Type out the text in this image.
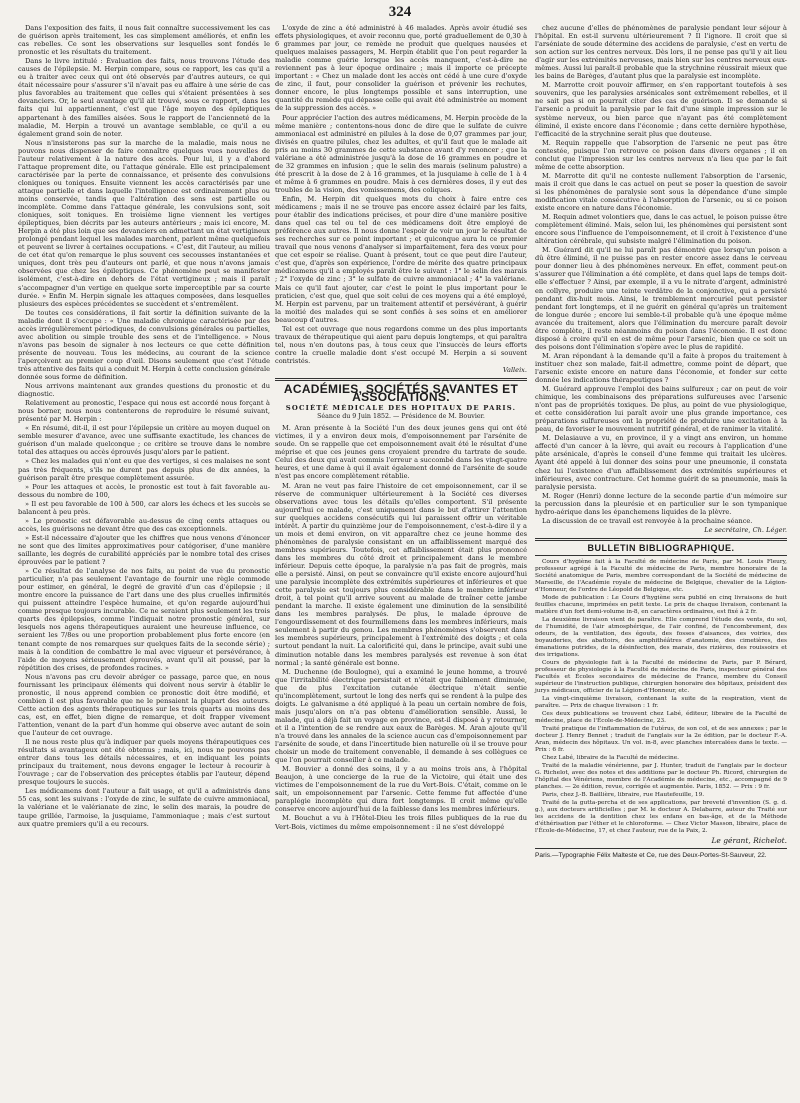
324

Dans l'exposition des faits, il nous fait connaître successivement les cas de guérison après traitement, les cas simplement améliorés, et enfin les cas rebelles. Ce sont les observations sur lesquelles sont fondés le pronostic et les résultats du traitement.

Dans le livre intitulé : Évaluation des faits, nous trouvons l'étude des causes de l'épilepsie. M. Herpin compare, sous ce rapport, les cas qu'il a eu à traiter avec ceux qui ont été observés par d'autres auteurs, ce qui était nécessaire pour s'assurer s'il n'avait pas eu affaire à une série de cas plus favorables au traitement que celles qui s'étaient présentées à ses devanciers. Or, le seul avantage qu'il ait trouvé, sous ce rapport, dans les faits qui lui appartiennent, c'est que l'âge moyen des épileptiques appartenant à des familles aisées. Sous le rapport de l'ancienneté de la maladie, M. Herpin a trouvé un avantage semblable, ce qu'il a eu également grand soin de noter.

Nous n'insisterons pas sur la marche de la maladie, mais nous ne pouvons nous dispenser de faire connaître quelques vues nouvelles de l'auteur relativement à la nature des accès. Pour lui, il y a d'abord l'attaque proprement dite, ou l'attaque générale. Elle est principalement caractérisée par la perte de connaissance, et présente des convulsions cloniques ou toniques. Ensuite viennent les accès caractérisés par une attaque partielle et dans laquelle l'intelligence est ordinairement plus ou moins conservée, tandis que l'altération des sens est partielle ou incomplète. Comme dans l'attaque générale, les convulsions sont, soit cloniques, soit toniques. En troisième ligne viennent les vertiges épileptiques, bien décrits par les auteurs antérieurs ; mais ici encore, M. Herpin a été plus loin que ses devanciers en admettant un état vertigineux prolongé pendant lequel les malades marchent, parlent même quelquefois et peuvent se livrer à certaines occupations. « C'est, dit l'auteur, au milieu de cet état qu'on remarque le plus souvent ces secousses instantanées et uniques, dont très peu d'auteurs ont parlé, et que nous n'avons jamais observées que chez les épileptiques. Ce phénomène peut se manifester isolément, c'est-à-dire en dehors de l'état vertigineux ; mais il paraît s'accompagner d'un vertige en quelque sorte imperceptible par sa courte durée. » Enfin M. Herpin signale les attaques composées, dans lesquelles plusieurs des espèces précédentes se succèdent et s'entremêlent.

De toutes ces considérations, il fait sortir la définition suivante de la maladie dont il s'occupe : « Une maladie chronique caractérisée par des accès irrégulièrement périodiques, de convulsions générales ou partielles, avec abolition ou simple trouble des sens et de l'intelligence. » Nous n'avons pas besoin de signaler à nos lecteurs ce que cette définition présente de nouveau. Tous les médecins, au courant de la science l'aperçoivent au premier coup d'œil. Disons seulement que c'est l'étude très attentive des faits qui a conduit M. Herpin à cette conclusion générale donnée sous forme de définition.

Nous arrivons maintenant aux grandes questions du pronostic et du diagnostic.

Relativement au pronostic, l'espace qui nous est accordé nous forçant à nous borner, nous nous contenterons de reproduire le résumé suivant, présenté par M. Herpin :

« En résumé, dit-il, il est pour l'épilepsie un critère au moyen duquel on semble mesurer d'avance, avec une suffisante exactitude, les chances de guérison d'un malade quelconque ; ce critère se trouve dans le nombre total des attaques ou accès éprouvés jusqu'alors par le patient.

» Chez les malades qui n'ont eu que des vertiges, si ces malaises ne sont pas très fréquents, s'ils ne durent pas depuis plus de dix années, la guérison paraît être presque complètement assurée.

» Pour les attaques et accès, le pronostic est tout à fait favorable au-dessous du nombre de 100,

» Il est peu favorable de 100 à 500, car alors les échecs et les succès se balancent à peu près.

» Le pronostic est défavorable au-dessus de cinq cents attaques ou accès, les guérisons ne devant être que des cas exceptionnels.

» Est-il nécessaire d'ajouter que les chiffres que nous venons d'énoncer ne sont que des limites approximatives pour catégoriser, d'une manière saillante, les degrés de curabilité appréciés par le nombre total des crises éprouvées par le patient ?

» Ce résultat de l'analyse de nos faits, au point de vue du pronostic particulier, n'a pas seulement l'avantage de fournir une règle commode pour estimer, en général, le degré de gravité d'un cas d'épilepsie ; il montre encore la puissance de l'art dans une des plus cruelles infirmités qui puissent atteindre l'espèce humaine, et qu'on regarde aujourd'hui comme presque toujours incurable. Ce ne seraient plus seulement les trois quarts des épilepsies, comme l'indiquait notre pronostic général, sur lesquels nos agens thérapeutiques auraient une heureuse influence, ce seraient les 7/8es ou une proportion probablement plus forte encore (en tenant compte de nos remarques sur quelques faits de la seconde série) ; mais à la condition de combattre le mal avec vigueur et persévérance, à l'aide de moyens sérieusement éprouvés, avant qu'il ait poussé, par la répétition des crises, de profondes racines. »

Nous n'avons pas cru devoir abréger ce passage, parce que, en nous fournissant les principaux éléments qui doivent nous servir à établir le pronostic, il nous apprend combien ce pronostic doit être modifié, et combien il est plus favorable que ne le pensaient la plupart des auteurs. Cette action des agents thérapeutiques sur les trois quarts au moins des cas, est, en effet, bien digne de remarque, et doit frapper vivement l'attention, venant de la part d'un homme qui observe avec autant de soin que l'auteur de cet ouvrage.

Il ne nous reste plus qu'à indiquer par quels moyens thérapeutiques ces résultats si avantageux ont été obtenus ; mais, ici, nous ne pouvons pas entrer dans tous les détails nécessaires, et en indiquant les points principaux du traitement, nous devons engager le lecteur à recourir à l'ouvrage ; car de l'observation des préceptes établis par l'auteur, dépend presque toujours le succès.

Les médicamens dont l'auteur a fait usage, et qu'il a administrés dans 55 cas, sont les suivans : l'oxyde de zinc, le sulfate de cuivre ammoniacal, la valériane et le valérianate de zinc, le selin des marais, la poudre de taupe grillée, l'armoise, la jusquiame, l'ammoniaque ; mais c'est surtout aux quatre premiers qu'il a eu recours.

L'oxyde de zinc a été administré à 46 malades. Après avoir étudié ses effets physiologiques, et avoir reconnu que, porté graduellement de 0,30 à 6 grammes par jour, ce remède ne produit que quelques nausées et quelques malaises passagers, M. Herpin établit que l'on peut regarder la maladie comme guérie lorsque les accès manquent, c'est-à-dire ne reviennent pas à leur époque ordinaire ; mais il importe ce précepte important : « Chez un malade dont les accès ont cédé à une cure d'oxyde de zinc, il faut, pour consolider la guérison et prévenir les rechutes, donner encore, le plus longtemps possible et sans interruption, une quantité du remède qui dépasse celle qui avait été administrée au moment de la suppression des accès. »

Pour apprécier l'action des autres médicamens, M. Herpin procède de la même manière ; contentons-nous donc de dire que le sulfate de cuivre ammoniacal est administré en pilules à la dose de 0,07 grammes par jour, divisés en quatre pilules, chez les adultes, et qu'il faut que le malade ait pris au moins 30 grammes de cette substance avant d'y renoncer ; que la valériane a été administrée jusqu'à la dose de 16 grammes en poudre et de 32 grammes en infusion ; que le selin des marais (selinum palustre) a été prescrit à la dose de 2 à 16 grammes, et la jusquiame à celle de 1 à 4 et même à 6 grammes en poudre. Mais à ces dernières doses, il y eut des troubles de la vision, des vomissemens, des coliques.

Enfin, M. Herpin dit quelques mots du choix à faire entre ces médicamens ; mais il ne se trouve pas encore assez éclairé par les faits, pour établir des indications précises, et pour dire d'une manière positive dans quel cas tel ou tel de ces médicamens doit être employé de préférence aux autres. Il nous donne l'espoir de voir un jour le résultat de ses recherches sur ce point important ; et quiconque aura lu ce premier travail que nous venons d'analyser si imparfaitement, fera des vœux pour que cet espoir se réalise. Quant à présent, tout ce que peut dire l'auteur, c'est que, d'après son expérience, l'ordre de mérite des quatre principaux médicamens qu'il a employés paraît être le suivant : 1° le selin des marais ; 2° l'oxyde de zinc ; 3° le sulfate de cuivre ammoniacal ; 4° la valériane. Mais ce qu'il faut ajouter, car c'est le point le plus important pour le praticien, c'est que, quel que soit celui de ces moyens qui a été employé, M. Herpin est parvenu, par un traitement attentif et persévérant, à guérir la moitié des malades qui se sont confiés à ses soins et en améliorer beaucoup d'autres.

Tel est cet ouvrage que nous regardons comme un des plus importants travaux de thérapeutique qui aient paru depuis longtemps, et qui paraîtra tel, nous n'en doutons pas, à tous ceux que l'insuccès de leurs efforts contre la cruelle maladie dont s'est occupé M. Herpin a si souvent contristés.

Valleix.

ACADÉMIES, SOCIÉTÉS SAVANTES ET ASSOCIATIONS.
SOCIÉTÉ MÉDICALE DES HOPITAUX DE PARIS.
Séance du 9 Juin 1852. — Présidence de M. Bouvier.

M. Aran présente à la Société l'un des deux jeunes gens qui ont été victimes, il y a environ deux mois, d'empoisonnement par l'arsénite de soude. On se rappelle que cet empoisonnement avait été le résultat d'une méprise et que ces jeunes gens croyaient prendre du tartrate de soude. Celui des deux qui avait commis l'erreur a succombé dans les vingt-quatre heures, et une dame à qui il avait également donné de l'arsénite de soude n'est pas encore complètement rétablie.

M. Aran ne veut pas faire l'histoire de cet empoisonnement, car il se réserve de communiquer ultérieurement à la Société ces diverses observations avec tous les détails qu'elles comportent. S'il présente aujourd'hui ce malade, c'est uniquement dans le but d'attirer l'attention sur quelques accidens consécutifs qui lui paraissent offrir un véritable intérêt. A partir du quinzième jour de l'empoisonnement, c'est-à-dire il y a un mois et demi environ, on vit apparaître chez ce jeune homme des phénomènes de paralysie consistant en un affaiblissement marqué des membres supérieurs. Toutefois, cet affaiblissement était plus prononcé dans les membres du côté droit et principalement dans le membre inférieur. Depuis cette époque, la paralysie n'a pas fait de progrès, mais elle a persisté. Ainsi, on peut se convaincre qu'il existe encore aujourd'hui une paralysie incomplète des extrémités supérieures et inférieures et que cette paralysie est toujours plus considérable dans le membre inférieur droit, à tel point qu'il arrive souvent au malade de traîner cette jambe pendant la marche. Il existe également une diminution de la sensibilité dans les membres paralysés. De plus, le malade éprouve de l'engourdissement et des fourmillemens dans les membres inférieurs, mais seulement à partir du genou. Les membres phénomènes s'observent dans les membres supérieurs, principalement à l'extrémité des doigts ; et cela surtout pendant la nuit. La calorificité qui, dans le principe, avait subi une diminution notable dans les membres paralysés est revenue à son état normal ; la santé générale est bonne.

M. Duchenne (de Boulogne), qui a examiné le jeune homme, a trouvé que l'irritabilité électrique persistait et n'était que faiblement diminuée, que de plus l'excitation cutanée électrique n'était sentie qu'incomplètement, surtout le long des nerfs qui se rendent à la pulpe des doigts. Le galvanisme a été appliqué à la peau un certain nombre de fois, mais jusqu'alors on n'a pas obtenu d'amélioration sensible. Aussi, le malade, qui a déjà fait un voyage en province, est-il disposé à y retourner, et il a l'intention de se rendre aux eaux de Barèges. M. Aran ajoute qu'il n'a trouvé dans les annales de la science aucun cas d'empoisonnement par l'arsénite de soude, et dans l'incertitude bien naturelle où il se trouve pour choisir un mode de traitement convenable, il demande à ses collègues ce que l'on pourrait conseiller à ce malade.

M. Bouvier a donné des soins, il y a au moins trois ans, à l'hôpital Beaujon, à une concierge de la rue de la Victoire, qui était une des victimes de l'empoisonnement de la rue du Vert-Bois. C'était, comme on le sait, un empoisonnement par l'arsenic. Cette femme fut affectée d'une paraplégie incomplète qui dura fort longtemps. Il croit même qu'elle conserve encore aujourd'hui de la faiblesse dans les membres inférieurs.

M. Bouchut a vu à l'Hôtel-Dieu les trois filles publiques de la rue du Vert-Bois, victimes du même empoisonnement : il ne s'est développé

chez aucune d'elles de phénomènes de paralysie pendant leur séjour à l'hôpital. En est-il survenu ultérieurement ? Il l'ignore. Il croit que si l'arséniate de soude détermine des accidens de paralysie, c'est en vertu de son action sur les centres nerveux. Dès lors, il ne pense pas qu'il y ait lieu d'agir sur les extrémités nerveuses, mais bien sur les centres nerveux eux-mêmes. Aussi lui paraît-il probable que la strychnine réussirait mieux que les bains de Barèges, d'autant plus que la paralysie est incomplète.

M. Marrotte croit pouvoir affirmer, en s'en rapportant toutefois à ses souvenirs, que les paralysies arsénicales sont extrêmement rebelles, et il ne sait pas si on pourrait citer des cas de guérison. Il se demande si l'arsenic a produit la paralysie par le fait d'une simple impression sur le système nerveux, ou bien parce que n'ayant pas été complètement éliminé, il existe encore dans l'économie ; dans cette dernière hypothèse, l'efficacité de la strychnine serait plus que douteuse.

M. Requin rappelle que l'absorption de l'arsenic ne peut pas être contestée, puisque l'on retrouve ce poison dans divers organes ; il en conclut que l'impression sur les centres nerveux n'a lieu que par le fait même de cette absorption.

M. Marrotte dit qu'il ne conteste nullement l'absorption de l'arsenic, mais il croit que dans le cas actuel on peut se poser la question de savoir si les phénomènes de paralysie sont sous la dépendance d'une simple modification vitale consécutive à l'absorption de l'arsenic, ou si ce poison existe encore en nature dans l'économie.

M. Requin admet volontiers que, dans le cas actuel, le poison puisse être complètement éliminé. Mais, selon lui, les phénomènes qui persistent sont encore sous l'influence de l'empoisonnement, et il croit à l'existence d'une altération cérébrale, qui subsiste malgré l'élimination du poison.

M. Guérard dit qu'il ne lui paraît pas démontré que lorsqu'un poison a dû être éliminé, il ne puisse pas en rester encore assez dans le cerveau pour donner lieu à des phénomènes nerveux. En effet, comment peut-on s'assurer que l'élimination a été complète, et dans quel laps de temps doit-elle s'effectuer ? Ainsi, par exemple, il a vu le nitrate d'argent, administré en collyre, produire une teinte verdâtre de la conjonctive, qui a persisté pendant dix-huit mois. Ainsi, le tremblement mercuriel peut persister pendant fort longtemps, et il ne guérit en général qu'après un traitement de longue durée ; encore lui semble-t-il probable qu'à une époque même avancée du traitement, alors que l'élimination du mercure paraît devoir être complète, il reste néanmoins du poison dans l'économie. Il est donc disposé à croire qu'il en est de même pour l'arsenic, bien que ce soit un des poisons dont l'élimination s'opère avec le plus de rapidité.

M. Aran répondant à la demande qu'il a faite à propos du traitement à instituer chez son malade, fait-il admettre, comme point de départ, que l'arsenic existe encore en nature dans l'économie, et fonder sur cette donnée les indications thérapeutiques ?

M. Guérard approuve l'emploi des bains sulfureux ; car on peut de voir chimique, les combinaisons des préparations sulfureuses avec l'arsenic n'ont pas de propriétés toxiques. De plus, au point de vue physiologique, et cette considération lui paraît avoir une plus grande importance, ces préparations sulfureuses ont la propriété de produire une excitation à la peau, de favoriser le mouvement nutritif général, et de ranimer la vitalité.

M. Delasiauve a vu, en province, il y a vingt ans environ, un homme affecté d'un cancer à la lèvre, qui avait eu recours à l'application d'une pâte arsénicale, d'après le conseil d'une femme qui traitait les ulcères. Ayant été appelé à lui donner des soins pour une pneumonie, il constata chez lui l'existence d'un affaiblissement des extrémités supérieures et inférieures, avec contracture. Cet homme guérit de sa pneumonie, mais la paralysie persista.

M. Roger (Henri) donne lecture de la seconde partie d'un mémoire sur la percussion dans la pleurésie et en particulier sur le son tympanique hydro-aérique dans les épanchemens liquides de la plèvre.

La discussion de ce travail est renvoyée à la prochaine séance.

Le secrétaire, Ch. Léger.

BULLETIN BIBLIOGRAPHIQUE.

Cours d'hygiène fait à la Faculté de médecine de Paris, par M. Louis Fleury, professeur agrégé à la Faculté de médecine de Paris, membre honoraire de la Société anatomique de Paris, membre correspondant de la Société de médecine de Marseille, de l'Académie royale de médecine de Belgique, chevalier de la Légion-d'Honneur, de l'ordre de Léopold de Belgique, etc.

Mode de publication : Le Cours d'hygiène sera publié en cinq livraisons de huit feuilles chacune, imprimées en petit texte. Le prix de chaque livraison, contenant la matière d'un fort demi-volume in-8, en caractères ordinaires, est fixé à 2 fr.

La deuxième livraison vient de paraître. Elle comprend l'étude des vents, du sol, de l'humidité, de l'air atmosphérique, de l'air confiné, de l'encombrement, des odeurs, de la ventilation, des égouts, des fosses d'aisances, des voiries, des boyauderies, des abattoirs, des amphithéâtres d'anatomie, des cimetières, des émanations putrides, de la désinfection, des marais, des rizières, des rouissoirs et des irrigations.

Cours de physiologie fait à la Faculté de médecine de Paris, par P. Bérard, professeur de physiologie à la Faculté de médecine de Paris, inspecteur général des Facultés et Écoles secondaires de médecine de France, membre du Conseil supérieur de l'instruction publique, chirurgien honoraire des hôpitaux, président des jurys médicaux, officier de la Légion-d'Honneur, etc.

La vingt-cinquième livraison, contenant la suite de la respiration, vient de paraître. — Prix de chaque livraison : 1 fr.

Ces deux publications se trouvent chez Labé, éditeur, libraire de la Faculté de médecine, place de l'École-de-Médecine, 23.

Traité pratique de l'inflammation de l'utérus, de son col, et de ses annexes ; par le docteur J. Henry Bennet ; traduit de l'anglais sur la 2e édition, par le docteur F.-A. Aran, médecin des hôpitaux. Un vol. in-8, avec planches intercalées dans le texte. — Prix : 6 fr.

Chez Labé, libraire de la Faculté de médecine.

Traité de la maladie vénérienne, par J. Hunter, traduit de l'anglais par le docteur G. Richelot, avec des notes et des additions par le docteur Ph. Ricord, chirurgien de l'hôpital des Vénériens, membre de l'Académie de médecine, etc., accompagné de 9 planches. — 2e édition, revue, corrigée et augmentée. Paris, 1852. — Prix : 9 fr.

Paris, chez J.-B. Baillière, libraire, rue Hautefeuille, 19.

Traité de la gutta-percha et de ses applications, par breveté d'invention (S. g. d. g.), aux docteurs artificielles ; par M. le docteur A. Delabarre, auteur du Traité sur les accidens de la dentition chez les enfans en bas-âge, et de la Méthode d'éthérisation par l'éther et le chloroforme. — Chez Victor Masson, libraire, place de l'École-de-Médecine, 17, et chez l'auteur, rue de la Paix, 2.

Le gérant, Richelot.
Paris.—Typographie Félix Malteste et Ce, rue des Deux-Portes-St-Sauveur, 22.
